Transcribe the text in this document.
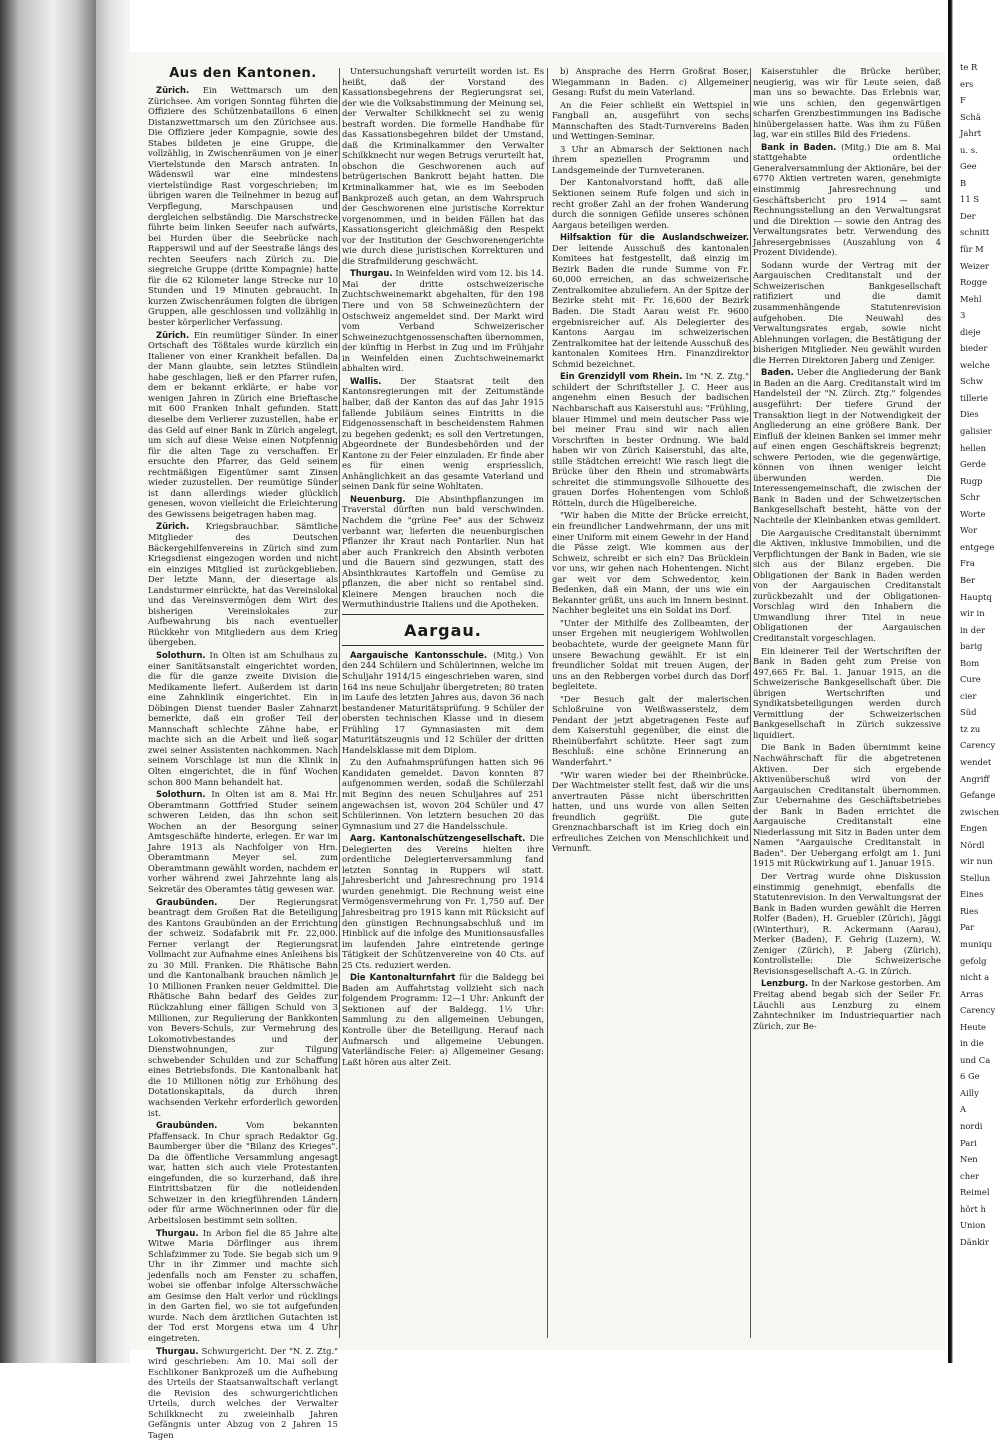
Aus den Kantonen.

Zürich. Ein Wettmarsch um den Zürichsee. Am vorigen Sonntag führten die Offiziere des Schützenbataillons 6 einen Distanzwettmarsch um den Zürichsee aus. Die Offiziere jeder Kompagnie, sowie des Stabes bildeten je eine Gruppe, die vollzählig, in Zwischenräumen von je einer Viertelstunde den Marsch antraten. In Wädenswil war eine mindestens viertelstündige Rast vorgeschrieben; im übrigen waren die Teilnehmer in bezug auf Verpflegung, Marschpausen und dergleichen selbständig. Die Marschstrecke führte beim linken Seeufer nach aufwärts, bei Hurden über die Seebrücke nach Rapperswil und auf der Seestraße längs des rechten Seeufers nach Zürich zu. Die siegreiche Gruppe (dritte Kompagnie) hatte für die 62 Kilometer lange Strecke nur 10 Stunden und 19 Minuten gebraucht. In kurzen Zwischenräumen folgten die übrigen Gruppen, alle geschlossen und vollzählig in bester körperlicher Verfassung.

Zürich. Ein reumütiger Sünder. In einer Ortschaft des Tößtales wurde kürzlich ein Italiener von einer Krankheit befallen. Da der Mann glaubte, sein letztes Stündlein habe geschlagen, ließ er den Pfarrer rufen, dem er bekannt erklärte, er habe vor wenigen Jahren in Zürich eine Brieftasche mit 600 Franken Inhalt gefunden. Statt dieselbe dem Verlierer zuzustellen, habe er das Geld auf einer Bank in Zürich angelegt, um sich auf diese Weise einen Notpfennig für die alten Tage zu verschaffen. Er ersuchte den Pfarrer, das Geld seinem rechtmäßigen Eigentümer samt Zinsen wieder zuzustellen. Der reumütige Sünder ist dann allerdings wieder glücklich genesen, wovon vielleicht die Erleichterung des Gewissens beigetragen haben mag.

Zürich. Kriegsbrauchbar. Sämtliche Mitglieder des Deutschen Bäckergehilfenvereins in Zürich sind zum Kriegsdienst eingezogen worden und nicht ein einziges Mitglied ist zurückgeblieben. Der letzte Mann, der diesertage als Landsturmer einrückte, hat das Vereinslokal und das Vereinsvermögen dem Wirt des bisherigen Vereinslokales zur Aufbewahrung bis nach eventueller Rückkehr von Mitgliedern aus dem Krieg übergeben.

Solothurn. In Olten ist am Schulhaus zu einer Sanitätsanstalt eingerichtet worden, die für die ganze zweite Division die Medikamente liefert. Außerdem ist darin eine Zahnklinik eingerichtet. Ein in Döbingen Dienst tuender Basler Zahnarzt bemerkte, daß ein großer Teil der Mannschaft schlechte Zähne habe, er machte sich an die Arbeit und ließ sogar zwei seiner Assistenten nachkommen. Nach seinem Vorschlage ist nun die Klinik in Olten eingerichtet, die in fünf Wochen schon 800 Mann behandelt hat.

Solothurn. In Olten ist am 8. Mai Hr. Oberamtmann Gottfried Studer seinem schweren Leiden, das ihn schon seit Wochen an der Besorgung seiner Amtsgeschäfte hinderte, erlegen. Er war im Jahre 1913 als Nachfolger von Hrn. Oberamtmann Meyer sel. zum Oberamtmann gewählt worden, nachdem er vorher während zwei Jahrzehnte lang als Sekretär des Oberamtes tätig gewesen war.

Graubünden.	Der Regierungsrat beantragt dem Großen Rat die Beteiligung des Kantons Graubünden an der Errichtung der schweiz. Sodafabrik mit Fr. 22,000. Ferner verlangt der Regierungsrat Vollmacht zur Aufnahme eines Anleihens bis zu 30 Mill. Franken. Die Rhätische Bahn und die Kantonalbank brauchen nämlich je 10 Millionen Franken neuer Geldmittel. Die Rhätische Bahn bedarf des Geldes zur Rückzahlung einer fälligen Schuld von 3 Millionen, zur Regulierung der Bankkonten von Bevers-Schuls, zur Vermehrung des Lokomotivbestandes und der Dienstwohnungen, zur Tilgung schwebender Schulden und zur Schaffung eines Betriebsfonds. Die Kantonalbank hat die 10 Millionen nötig zur Erhöhung des Dotationskapitals, da durch ihren wachsenden Verkehr erforderlich geworden ist.

Graubünden.	Vom bekannten Pfaffensack. In Chur sprach Redaktor Gg. Baumberger über die "Bilanz des Krieges". Da die öffentliche Versammlung angesagt war, hatten sich auch viele Protestanten eingefunden, die so kurzerhand, daß ihre Eintrittsbatzen für die notleidenden Schweizer in den kriegführenden Ländern oder für arme Wöchnerinnen oder für die Arbeitslosen bestimmt sein sollten.

Thurgau. In Arbon fiel die 85 Jahre alte Witwe Maria Dörflinger aus ihrem Schlafzimmer zu Tode. Sie begab sich um 9 Uhr in ihr Zimmer und machte sich jedenfalls noch am Fenster zu schaffen, wobei sie offenbar infolge Altersschwäche am Gesimse den Halt verlor und rücklings in den Garten fiel, wo sie tot aufgefunden wurde. Nach dem ärztlichen Gutachten ist der Tod erst Morgens etwa um 4 Uhr eingetreten.

Thurgau. Schwurgericht. Der "N. Z. Ztg." wird geschrieben: Am 10. Mai soll der Eschlikoner Bankprozeß um die Aufhebung des Urteils der Staatsanwaltschaft verlangt die Revision des schwurgerichtlichen Urteils, durch welches der Verwalter Schilkknecht zu zweieinhalb Jahren Gefängnis unter Abzug von 2 Jahren 15 Tagen

Untersuchungshaft verurteilt worden ist. Es heißt, daß der Vorstand des Kassationsbegehrens der Regierungsrat sei, der wie die Volksabstimmung der Meinung sei, der Verwalter Schilkknecht sei zu wenig bestraft worden. Die formelle Handhabe für das Kassationsbegehren bildet der Umstand, daß die Kriminalkammer den Verwalter Schilkknecht nur wegen Betrugs verurteilt hat, obschon die Geschworenen auch auf betrügerischen Bankrott bejaht hatten. Die Kriminalkammer hat, wie es im Seeboden Bankprozeß auch getan, an dem Wahrspruch der Geschworenen eine juristische Korrektur vorgenommen, und in beiden Fällen hat das Kassationsgericht gleichmäßig den Respekt vor der Institution der Geschworenengerichte wie durch diese juristischen Korrekturen und die Strafmilderung geschwächt.

Thurgau. In Weinfelden wird vom 12. bis 14. Mai der dritte ostschweizerische Zuchtschweinemarkt abgehalten, für den 198 Tiere und von 58 Schweinezüchtern der Ostschweiz angemeldet sind. Der Markt wird vom Verband Schweizerischer Schweinezuchtgenossenschaften übernommen, der künftig in Herbst in Zug und im Frühjahr in Weinfelden einen Zuchtschweinemarkt abhalten wird.

Wallis. Der Staatsrat teilt den Kantonsregierungen mit der Zeitumstände halber, daß der Kanton das auf das Jahr 1915 fallende Jubiläum seines Eintritts in die Eidgenossenschaft in bescheidenstem Rahmen zu begehen gedenkt; es soll den Vertretungen, Abgeordnete der Bundesbehörden und der Kantone zu der Feier einzuladen. Er finde aber es für einen wenig erspriesslich, Anhänglichkeit an das gesamte Vaterland und seinen Dank für seine Wohltaten.

Neuenburg. Die Absinthpflanzungen im Traverstal dürften nun bald verschwinden. Nachdem die "grüne Fee" aus der Schweiz verbannt war, lieferten die neuenburgischen Pflanzer ihr Kraut nach Pontarlier. Nun hat aber auch Frankreich den Absinth verboten und die Bauern sind gezwungen, statt des Absinthkrautes Kartoffeln und Gemüse zu pflanzen, die aber nicht so rentabel sind. Kleinere Mengen brauchen noch die Wermuthindustrie Italiens und die Apotheken.

Aargau.

Aargauische Kantonsschule. (Mitg.) Von den 244 Schülern und Schülerinnen, welche im Schuljahr 1914/15 eingeschrieben waren, sind 164 ins neue Schuljahr übergetreten; 80 traten im Laufe des letzten Jahres aus, davon 36 nach bestandener Maturitätsprüfung. 9 Schüler der obersten technischen Klasse und in diesem Frühling 17 Gymnasiasten mit dem Maturitätszeugnis und 12 Schüler der dritten Handelsklasse mit dem Diplom.

Zu den Aufnahmsprüfungen hatten sich 96 Kandidaten gemeldet. Davon konnten 87 aufgenommen werden, sodaß die Schülerzahl mit Beginn des neuen Schuljahres auf 251 angewachsen ist, wovon 204 Schüler und 47 Schülerinnen. Von letztern besuchen 20 das Gymnasium und 27 die Handelsschule.

Aarg. Kantonalschützengesellschaft. Die Delegierten des Vereins hielten ihre ordentliche Delegiertenversammlung fand letzten Sonntag in Ruppers wil statt. Jahresbericht und Jahresrechnung pro 1914 wurden genehmigt. Die Rechnung weist eine Vermögensvermehrung von Fr. 1,750 auf. Der Jahresbeitrag pro 1915 kann mit Rücksicht auf den günstigen Rechnungsabschluß und im Hinblick auf die infolge des Munitionsausfalles im laufenden Jahre eintretende geringe Tätigkeit der Schützenvereine von 40 Cts. auf 25 Cts. reduziert werden.

Die Kantonalturnfahrt für die Baldegg bei Baden am Auffahrtstag vollzieht sich nach folgendem Programm: 12—1 Uhr: Ankunft der Sektionen auf der Baldegg. 1½ Uhr: Sammlung zu den allgemeinen Uebungen, Kontrolle über die Beteiligung. Herauf nach Aufmarsch und allgemeine Uebungen. Vaterländische Feier: a) Allgemeiner Gesang: Laßt hören aus alter Zeit.

b) Ansprache des Herrn Großrat Boser, Wiegammann in Baden. c) Allgemeiner Gesang: Rufst du mein Vaterland.

An die Feier schließt ein Wettspiel in Fangball an, ausgeführt von sechs Mannschaften des Stadt-Turnvereins Baden und Wettingen-Seminar.

3 Uhr an Abmarsch der Sektionen nach ihrem speziellen Programm und Landsgemeinde der Turnveteranen.

Der Kantonalvorstand hofft, daß alle Sektionen seinem Rufe folgen und sich in recht großer Zahl an der frohen Wanderung durch die sonnigen Gefilde unseres schönen Aargaus beteiligen werden.

Hilfsaktion für die Auslandschweizer. Der leitende Ausschuß des kantonalen Komitees hat festgestellt, daß einzig im Bezirk Baden die runde Summe von Fr. 60,000 erreichen, an das schweizerische Zentralkomitee abzuliefern. An der Spitze der Bezirke steht mit Fr. 16,600 der Bezirk Baden. Die Stadt Aarau weist Fr. 9600 ergebnisreicher auf. Als Delegierter des Kantons Aargau im schweizerischen Zentralkomitee hat der leitende Ausschuß des kantonalen Komitees Hrn. Finanzdirektor Schmid bezeichnet.

Ein Grenzidyll vom Rhein. Im "N. Z. Ztg." schildert der Schriftsteller J. C. Heer aus angenehm einen Besuch der badischen Nachbarschaft aus Kaiserstuhl aus: "Frühling, blauer Himmel und mein deutscher Pass wie bei meiner Frau sind wir nach allen Vorschriften in bester Ordnung. Wie bald haben wir von Zürich Kaiserstuhl, das alte, stille Städtchen erreicht! Wie rasch liegt die Brücke über den Rhein und stromabwärts schreitet die stimmungsvolle Silhouette des grauen Dorfes Hohentengen vom Schloß Rötteln, durch die Hügelbereiche.

"Wir haben die Mitte der Brücke erreicht, ein freundlicher Landwehrmann, der uns mit einer Uniform mit einem Gewehr in der Hand die Pässe zeigt. Wie kommen aus der Schweiz, schreibt er sich ein? Das Brücklein vor uns, wir gehen nach Hohentengen. Nicht gar weit vor dem Schwedentor, kein Bedenken, daß ein Mann, der uns wie ein Bekannter grüßt, uns auch im Innern besinnt. Nachher begleitet uns ein Soldat ins Dorf.

"Unter der Mithilfe des Zollbeamten, der unser Ergehen mit neugierigem Wohlwollen beobachtete, wurde der geeignete Mann für unsere Bewachung gewählt. Er ist ein freundlicher Soldat mit treuen Augen, der uns an den Rebbergen vorbei durch das Dorf begleitete.

"Der Besuch galt der malerischen Schloßruine von Weißwasserstelz, dem Pendant der jetzt abgetragenen Feste auf dem Kaiserstuhl gegenüber, die einst die Rheinüberfahrt schützte. Heer sagt zum Beschluß: eine schöne Erinnerung an Wanderfahrt."

"Wir waren wieder bei der Rheinbrücke. Der Wachtmeister stellt fest, daß wir die uns anvertrauten Pässe nicht überschritten hatten, und uns wurde von allen Seiten freundlich gegrüßt. Die gute Grenznachbarschaft ist im Krieg doch ein erfreuliches Zeichen von Menschlichkeit und Vernunft.

Kaiserstuhler die Brücke herüber, neugierig, was wir für Leute seien, daß man uns so bewachte. Das Erlebnis war, wie uns schien, den gegenwärtigen scharfen Grenzbestimmungen ins Badische hinübergelassen hatte. Was ihm zu Füßen lag, war ein stilles Bild des Friedens.

Bank in Baden. (Mitg.) Die am 8. Mai stattgehabte ordentliche Generalversammlung der Aktionäre, bei der 6770 Aktien vertreten waren, genehmigte einstimmig Jahresrechnung und Geschäftsbericht pro 1914 — samt Rechnungsstellung an den Verwaltungsrat und die Direktion — sowie den Antrag des Verwaltungsrates betr. Verwendung des Jahresergebnisses (Auszahlung von 4 Prozent Dividende).

Sodann wurde der Vertrag mit der Aargauischen Creditanstalt und der Schweizerischen Bankgesellschaft ratifiziert und die damit zusammenhängende Statutenrevision aufgehoben. Die Neuwahl des Verwaltungsrates ergab, sowie nicht Ablehnungen vorlagen, die Bestätigung der bisherigen Mitglieder. Neu gewählt wurden die Herren Direktoren Jaberg und Zeniger.

Baden. Ueber die Angliederung der Bank in Baden an die Aarg. Creditanstalt wird im Handelsteil der "N. Zürch. Ztg." folgendes ausgeführt: Der tiefere Grund der Transaktion liegt in der Notwendigkeit der Angliederung an eine größere Bank. Der Einfluß der kleinen Banken sei immer mehr auf einen engen Geschäftskreis begrenzt; schwere Perioden, wie die gegenwärtige, können von ihnen weniger leicht überwunden werden. Die Interessengemeinschaft, die zwischen der Bank in Baden und der Schweizerischen Bankgesellschaft besteht, hätte von der Nachteile der Kleinbanken etwas gemildert.

Die Aargauische Creditanstalt übernimmt die Aktiven, inklusive Immobilien, und die Verpflichtungen der Bank in Baden, wie sie sich aus der Bilanz ergeben. Die Obligationen der Bank in Baden werden von der Aargauischen Creditanstalt zurückbezahlt und der Obligationen-Vorschlag wird den Inhabern die Umwandlung ihrer Titel in neue Obligationen der Aargauischen Creditanstalt vorgeschlagen.

Ein kleinerer Teil der Wertschriften der Bank in Baden geht zum Preise von 497,665 Fr. Bal. 1. Januar 1915, an die Schweizerische Bankgesellschaft über. Die übrigen Wertschriften und Syndikatsbeteiligungen werden durch Vermittlung der Schweizerischen Bankgesellschaft in Zürich sukzessive liquidiert.

Die Bank in Baden übernimmt keine Nachwährschaft für die abgetretenen Aktiven. Der sich ergebende Aktivenüberschuß wird von der Aargauischen Creditanstalt übernommen. Zur Uebernahme des Geschäftsbetriebes der Bank in Baden errichtet die Aargauische Creditanstalt eine Niederlassung mit Sitz in Baden unter dem Namen "Aargauische Creditanstalt in Baden". Der Uebergang erfolgt am 1. Juni 1915 mit Rückwirkung auf 1. Januar 1915.

Der Vertrag wurde ohne Diskussion einstimmig genehmigt, ebenfalls die Statutenrevision. In den Verwaltungsrat der Bank in Baden wurden gewählt die Herren Rolfer (Baden), H. Gruebler (Zürich), Jäggi (Winterthur), R. Ackermann (Aarau), Merker (Baden), F. Gehrig (Luzern), W. Zeniger (Zürich), P. Jaberg (Zürich), Kontrollstelle: Die Schweizerische Revisionsgesellschaft A.-G. in Zürich.

Lenzburg. In der Narkose gestorben. Am Freitag abend begab sich der Seiler Fr. Läuchli aus Lenzburg zu einem Zahntechniker im Industriequartier nach Zürich, zur Be-

te R
ers
F
Schä
Jahrt
u. s.
Gee
B
11 S
Der
schnitt
für M
Weizer
Rogge
Mehl
3
dieje
bieder
welche
Schw
tillerie
Dies
galisier
hellen
Gerde
Rugp
Schr
Worte
Wor
entgege
Fra
Ber
Hauptq
wir in
in der
barig
Bom
Cure
cier
Süd
tz zu
Carency
wendet
Angriff
Gefange
zwischen
Engen
Nördl
wir nun
Stellun
Eines
Ries
Par
muniqu
gefolg
nicht a
Arras
Carency
Heute
in die
und Ca
6 Ge
Ailly
A
nordi
Pari
Nen
cher
Reimel
hört h
Union
Dänkir
